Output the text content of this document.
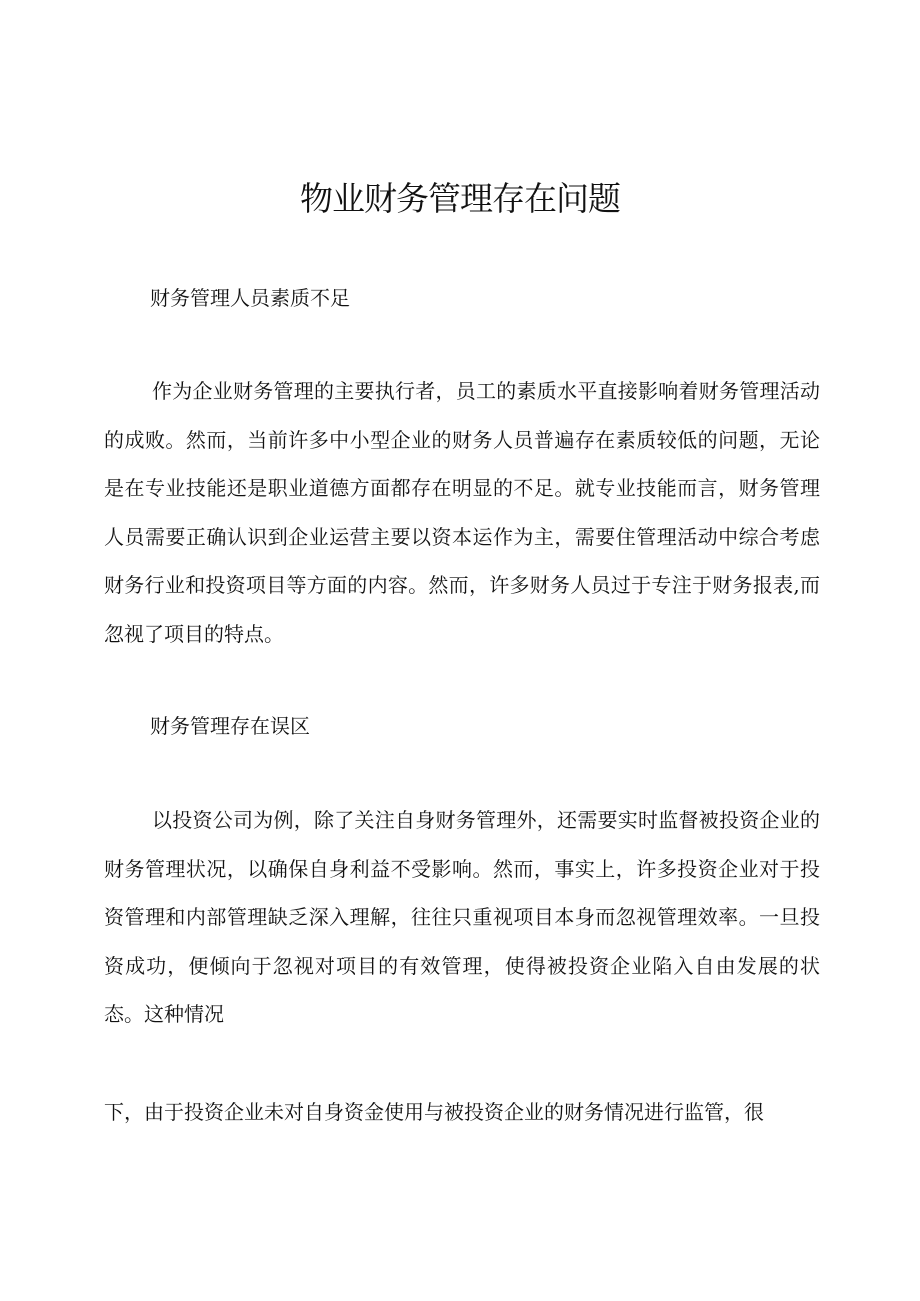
物业财务管理存在问题
财务管理人员素质不足

作为企业财务管理的主要执行者，员工的素质水平直接影响着财务管理活动的成败。然而，当前许多中小型企业的财务人员普遍存在素质较低的问题，无论是在专业技能还是职业道德方面都存在明显的不足。就专业技能而言，财务管理人员需要正确认识到企业运营主要以资本运作为主，需要住管理活动中综合考虑财务行业和投资项目等方面的内容。然而，许多财务人员过于专注于财务报表,而忽视了项目的特点。

财务管理存在误区

以投资公司为例，除了关注自身财务管理外，还需要实时监督被投资企业的财务管理状况，以确保自身利益不受影响。然而，事实上，许多投资企业对于投资管理和内部管理缺乏深入理解，往往只重视项目本身而忽视管理效率。一旦投资成功，便倾向于忽视对项目的有效管理，使得被投资企业陷入自由发展的状态。这种情况

下，由于投资企业未对自身资金使用与被投资企业的财务情况进行监管，很
